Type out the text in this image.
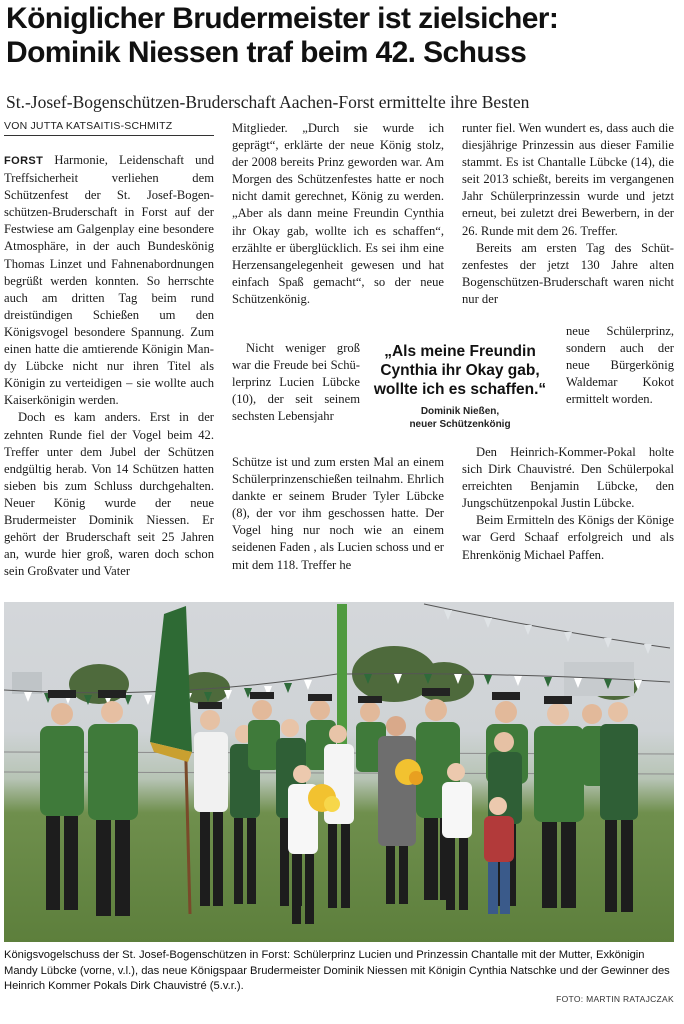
Königlicher Brudermeister ist zielsicher:
Dominik Niessen traf beim 42. Schuss

St.-Josef-Bogenschützen-Bruderschaft Aachen-Forst ermittelte ihre Besten

VON JUTTA KATSAITIS-SCHMITZ

FORST Harmonie, Leidenschaft und Treffsicherheit verliehen dem Schützenfest der St. Josef-Bogenschützen-Bruderschaft in Forst auf der Festwiese am Galgenplay eine besondere Atmosphäre, in der auch Bundeskönig Thomas Linzet und Fahnenabordnungen begrüßt werden konnten. So herrschte auch am dritten Tag beim rund dreistündigen Schießen um den Königsvogel besondere Spannung. Zum einen hatte die amtierende Königin Mandy Lübcke nicht nur ihren Titel als Königin zu verteidigen – sie wollte auch Kaiserkönigin werden.

Doch es kam anders. Erst in der zehnten Runde fiel der Vogel beim 42. Treffer unter dem Jubel der Schützen endgültig herab. Von 14 Schützen hatten sieben bis zum Schluss durchgehalten. Neuer König wurde der neue Brudermeister Dominik Niessen. Er gehört der Bruderschaft seit 25 Jahren an, wurde hier groß, waren doch schon sein Großvater und Vater

Mitglieder. „Durch sie wurde ich geprägt“, erklärte der neue König stolz, der 2008 bereits Prinz geworden war. Am Morgen des Schützenfestes hatte er noch nicht damit gerechnet, König zu werden. „Aber als dann meine Freundin Cynthia ihr Okay gab, wollte ich es schaffen“, erzählte er überglücklich. Es sei ihm eine Herzensangelegenheit gewesen und hat einfach Spaß gemacht“, so der neue Schützenkönig.

Nicht weniger groß war die Freude bei Schülerprinz Lucien Lübcke (10), der seit seinem sechsten Lebensjahr

Schütze ist und zum ersten Mal an einem Schülerprinzenschießen teilnahm. Ehrlich dankte er seinem Bruder Tyler Lübcke (8), der vor ihm geschossen hatte. Der Vogel hing nur noch wie an einem seidenen Faden , als Lucien schoss und er mit dem 118. Treffer he

runter fiel. Wen wundert es, dass auch die diesjährige Prinzessin aus dieser Familie stammt. Es ist Chantalle Lübcke (14), die seit 2013 schießt, bereits im vergangenen Jahr Schülerprinzessin wurde und jetzt erneut, bei zuletzt drei Bewerbern, in der 26. Runde mit dem 26. Treffer.

Bereits am ersten Tag des Schützenfestes der jetzt 130 Jahre alten Bogenschützen-Bruderschaft waren nicht nur der

neue Schülerprinz, sondern auch der neue Bürgerkönig Waldemar Kokot ermittelt worden.

Den Heinrich-Kommer-Pokal holte sich Dirk Chauvistré. Den Schülerpokal erreichten Benjamin Lübcke, den Jungschützenpokal Justin Lübcke.

Beim Ermitteln des Königs der Könige war Gerd Schaaf erfolgreich und als Ehrenkönig Michael Paffen.

„Als meine Freundin Cynthia ihr Okay gab, wollte ich es schaffen.“
Dominik Nießen,
neuer Schützenkönig

Königsvogelschuss der St. Josef-Bogenschützen in Forst: Schülerprinz Lucien und Prinzessin Chantalle mit der Mutter, Exkönigin Mandy Lübcke (vorne, v.l.), das neue Königspaar Brudermeister Dominik Niessen mit Königin Cynthia Natschke und der Gewinner des Heinrich Kommer Pokals Dirk Chauvistré (5.v.r.).

FOTO: MARTIN RATAJCZAK
